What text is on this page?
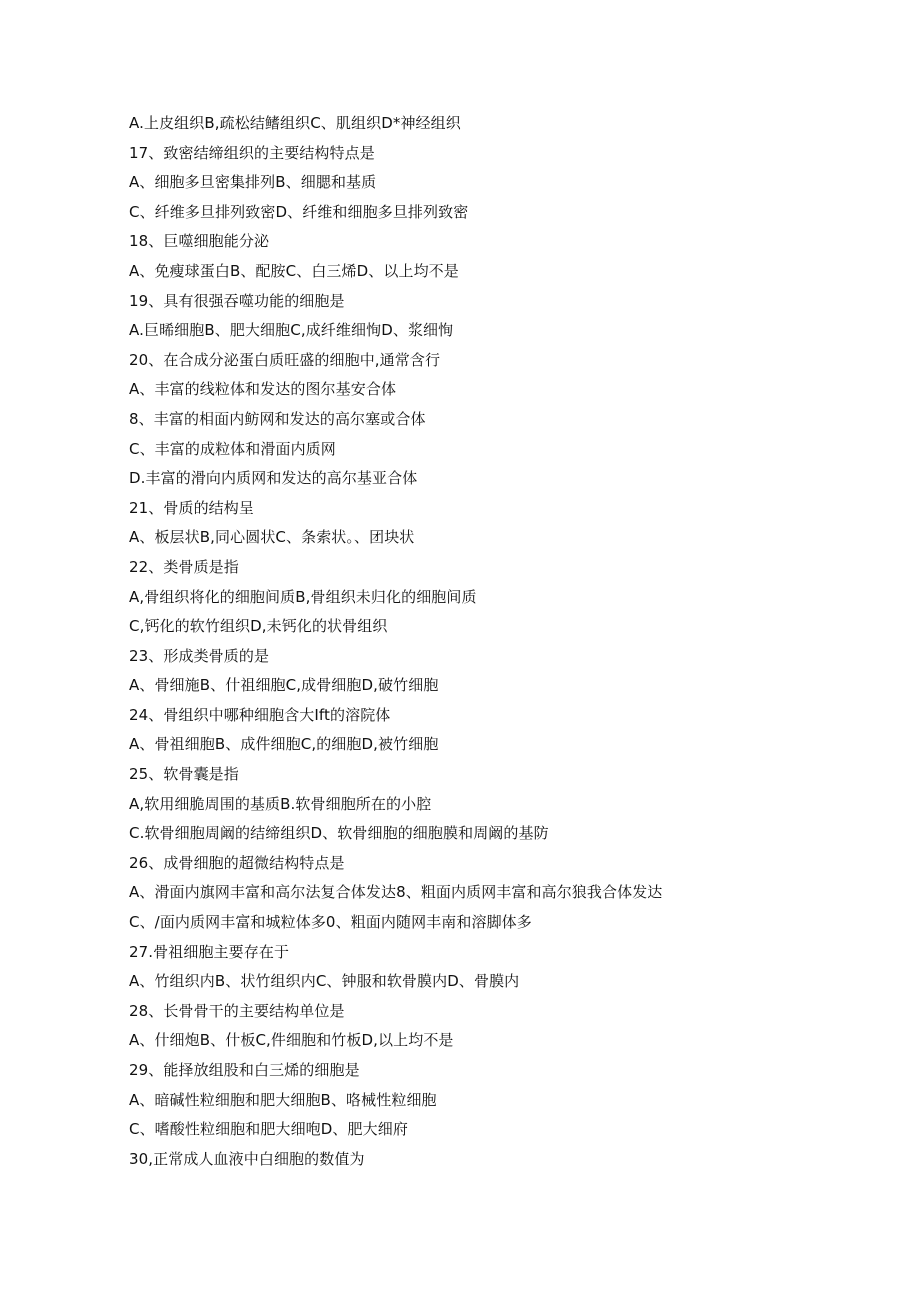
A.上皮组织B,疏松结鳍组织C、肌组织D*神经组织
17、致密结缔组织的主要结构特点是
A、细胞多旦密集排列B、细腮和基质
C、纤维多旦排列致密D、纤维和细胞多旦排列致密
18、巨噬细胞能分泌
A、免瘦球蛋白B、配胺C、白三烯D、以上均不是
19、具有很强吞噬功能的细胞是
A.巨晞细胞B、肥大细胞C,成纤维细恂D、浆细恂
20、在合成分泌蛋白质旺盛的细胞中,通常含行
A、丰富的线粒体和发达的图尔基安合体
8、丰富的相面内鲂网和发达的高尔塞或合体
C、丰富的成粒体和滑面内质网
D.丰富的滑向内质网和发达的高尔基亚合体
21、骨质的结构呈
A、板层状B,同心圆状C、条索状。、团块状
22、类骨质是指
A,骨组织将化的细胞间质B,骨组织未归化的细胞间质
C,钙化的软竹组织D,未钙化的状骨组织
23、形成类骨质的是
A、骨细施B、什祖细胞C,成骨细胞D,破竹细胞
24、骨组织中哪种细胞含大Ift的溶院体
A、骨祖细胞B、成件细胞C,的细胞D,被竹细胞
25、软骨囊是指
A,软用细脆周围的基质B.软骨细胞所在的小腔
C.软骨细胞周阚的结缔组织D、软骨细胞的细胞膜和周阚的基防
26、成骨细胞的超微结构特点是
A、滑面内旗网丰富和高尔法复合体发达8、粗面内质网丰富和高尔狼我合体发达
C、/面内质网丰富和城粒体多0、粗面内随网丰南和溶脚体多
27.骨祖细胞主要存在于
A、竹组织内B、状竹组织内C、钟服和软骨膜内D、骨膜内
28、长骨骨干的主要结构单位是
A、什细炮B、什板C,件细胞和竹板D,以上均不是
29、能择放组股和白三烯的细胞是
A、暗碱性粒细胞和肥大细胞B、咯械性粒细胞
C、嗜酸性粒细胞和肥大细咆D、肥大细府
30,正常成人血液中白细胞的数值为
